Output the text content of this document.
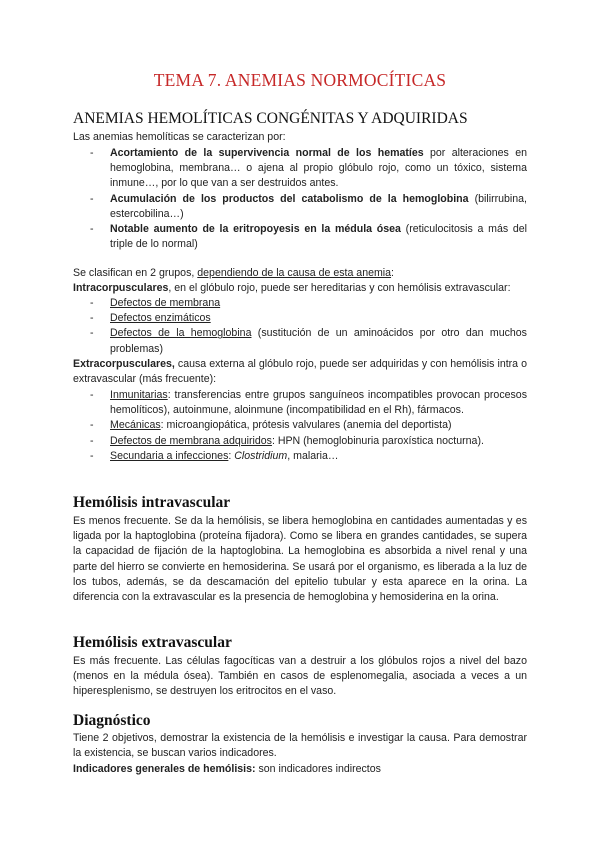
TEMA 7. ANEMIAS NORMOCÍTICAS
ANEMIAS HEMOLÍTICAS CONGÉNITAS Y ADQUIRIDAS
Las anemias hemolíticas se caracterizan por:
- Acortamiento de la supervivencia normal de los hematíes por alteraciones en hemoglobina, membrana… o ajena al propio glóbulo rojo, como un tóxico, sistema inmune…, por lo que van a ser destruidos antes.
- Acumulación de los productos del catabolismo de la hemoglobina (bilirrubina, estercobilina…)
- Notable aumento de la eritropoyesis en la médula ósea (reticulocitosis a más del triple de lo normal)
Se clasifican en 2 grupos, dependiendo de la causa de esta anemia:
Intracorpusculares, en el glóbulo rojo, puede ser hereditarias y con hemólisis extravascular:
- Defectos de membrana
- Defectos enzimáticos
- Defectos de la hemoglobina (sustitución de un aminoácidos por otro dan muchos problemas)
Extracorpusculares, causa externa al glóbulo rojo, puede ser adquiridas y con hemólisis intra o extravascular (más frecuente):
- Inmunitarias: transferencias entre grupos sanguíneos incompatibles provocan procesos hemolíticos), autoinmune, aloinmune (incompatibilidad en el Rh), fármacos.
- Mecánicas: microangiopática, prótesis valvulares (anemia del deportista)
- Defectos de membrana adquiridos: HPN (hemoglobinuria paroxística nocturna).
- Secundaria a infecciones: Clostridium, malaria…
Hemólisis intravascular
Es menos frecuente. Se da la hemólisis, se libera hemoglobina en cantidades aumentadas y es ligada por la haptoglobina (proteína fijadora). Como se libera en grandes cantidades, se supera la capacidad de fijación de la haptoglobina. La hemoglobina es absorbida a nivel renal y una parte del hierro se convierte en hemosiderina. Se usará por el organismo, es liberada a la luz de los tubos, además, se da descamación del epitelio tubular y esta aparece en la orina. La diferencia con la extravascular es la presencia de hemoglobina y hemosiderina en la orina.
Hemólisis extravascular
Es más frecuente. Las células fagocíticas van a destruir a los glóbulos rojos a nivel del bazo (menos en la médula ósea). También en casos de esplenomegalia, asociada a veces a un hiperesplenismo, se destruyen los eritrocitos en el vaso.
Diagnóstico
Tiene 2 objetivos, demostrar la existencia de la hemólisis e investigar la causa. Para demostrar la existencia, se buscan varios indicadores.
Indicadores generales de hemólisis: son indicadores indirectos
